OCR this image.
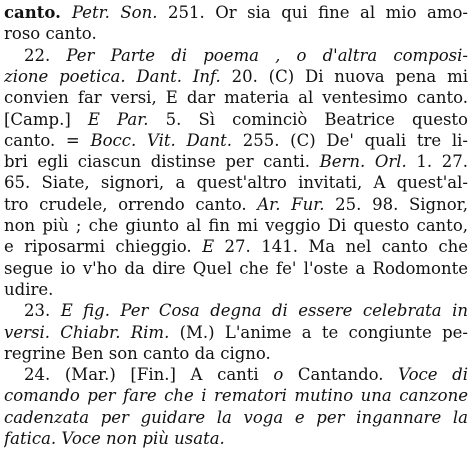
canto. Petr. Son. 251. Or sia qui fine al mio amo-
roso canto.
22. Per Parte di poema , o d'altra composi-
zione poetica. Dant. Inf. 20. (C) Di nuova pena mi
convien far versi, E dar materia al ventesimo canto.
[Camp.] E Par. 5. Sì cominciò Beatrice questo
canto. = Bocc. Vit. Dant. 255. (C) De' quali tre li-
bri egli ciascun distinse per canti. Bern. Orl. 1. 27.
65. Siate, signori, a quest'altro invitati, A quest'al-
tro crudele, orrendo canto. Ar. Fur. 25. 98. Signor,
non più ; che giunto al fin mi veggio Di questo canto,
e riposarmi chieggio. E 27. 141. Ma nel canto che
segue io v'ho da dire Quel che fe' l'oste a Rodomonte
udire.
23. E fig. Per Cosa degna di essere celebrata in
versi. Chiabr. Rim. (M.) L'anime a te congiunte pe-
regrine Ben son canto da cigno.
24. (Mar.) [Fin.] A canti o Cantando. Voce di
comando per fare che i rematori mutino una canzone
cadenzata per guidare la voga e per ingannare la
fatica. Voce non più usata.
